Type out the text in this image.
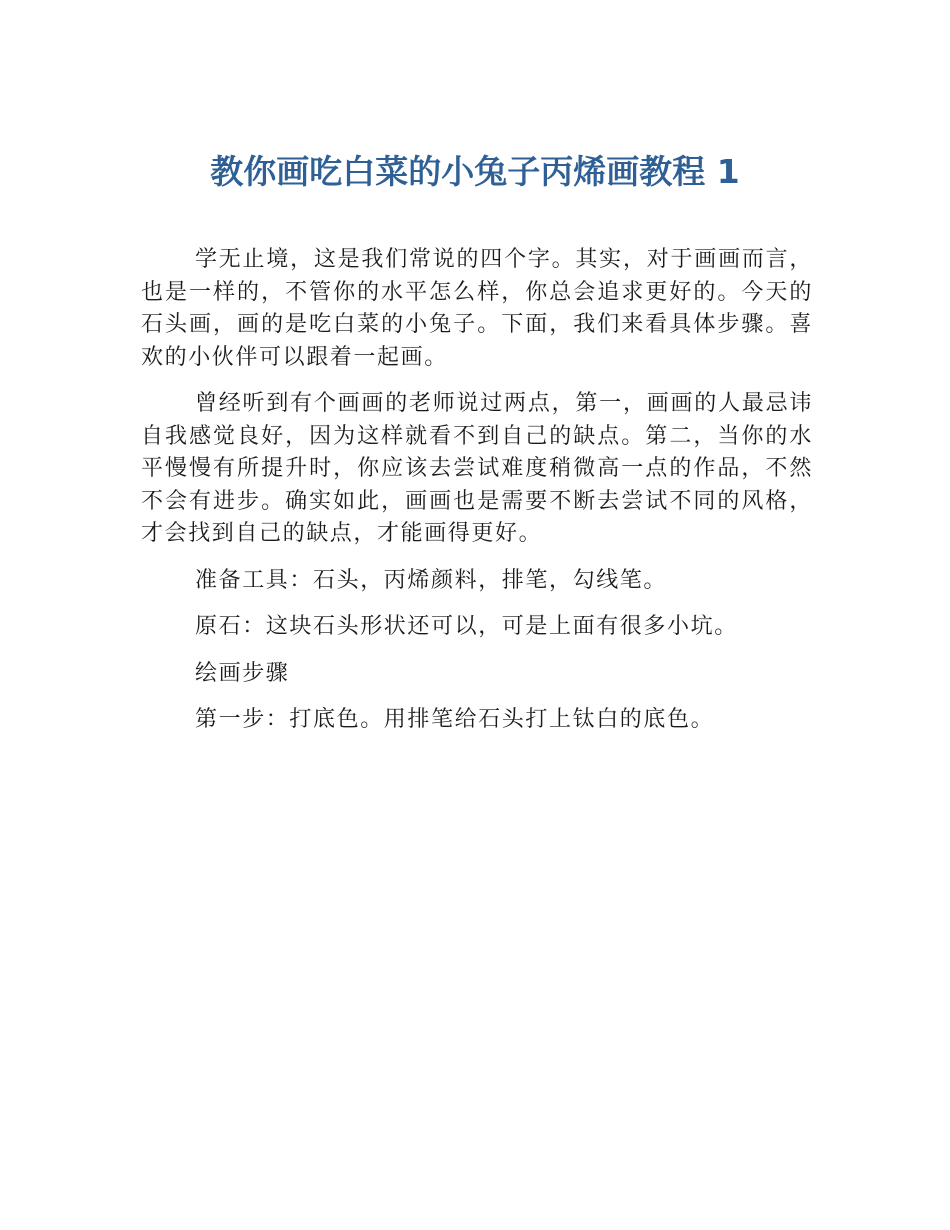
教你画吃白菜的小兔子丙烯画教程 1

学无止境，这是我们常说的四个字。其实，对于画画而言，也是一样的，不管你的水平怎么样，你总会追求更好的。今天的石头画，画的是吃白菜的小兔子。下面，我们来看具体步骤。喜欢的小伙伴可以跟着一起画。

曾经听到有个画画的老师说过两点，第一，画画的人最忌讳自我感觉良好，因为这样就看不到自己的缺点。第二，当你的水平慢慢有所提升时，你应该去尝试难度稍微高一点的作品，不然不会有进步。确实如此，画画也是需要不断去尝试不同的风格，才会找到自己的缺点，才能画得更好。

准备工具：石头，丙烯颜料，排笔，勾线笔。

原石：这块石头形状还可以，可是上面有很多小坑。

绘画步骤

第一步：打底色。用排笔给石头打上钛白的底色。
